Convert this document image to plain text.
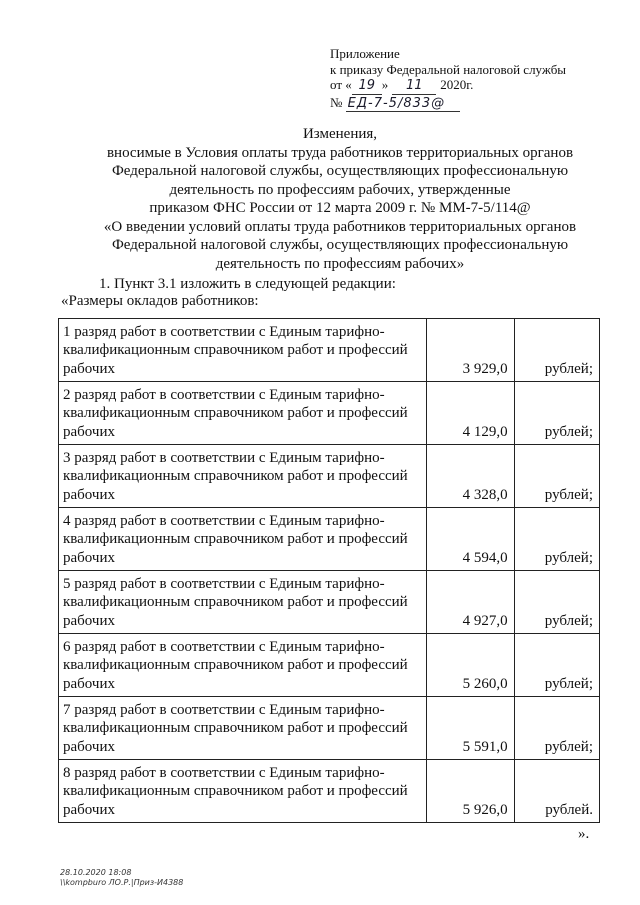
Приложение
к приказу Федеральной налоговой службы
от « 19 » 11 2020г.
№ ЕД-7-5/833@
Изменения,
вносимые в Условия оплаты труда работников территориальных органов
Федеральной налоговой службы, осуществляющих профессиональную
деятельность по профессиям рабочих, утвержденные
приказом ФНС России от 12 марта 2009 г. № ММ-7-5/114@
«О введении условий оплаты труда работников территориальных органов
Федеральной налоговой службы, осуществляющих профессиональную
деятельность по профессиям рабочих»
1. Пункт 3.1 изложить в следующей редакции:
«Размеры окладов работников:
1 разряд работ в соответствии с Единым тарифно-квалификационным справочником работ и профессий рабочих	3 929,0	рублей;
2 разряд работ в соответствии с Единым тарифно-квалификационным справочником работ и профессий рабочих	4 129,0	рублей;
3 разряд работ в соответствии с Единым тарифно-квалификационным справочником работ и профессий рабочих	4 328,0	рублей;
4 разряд работ в соответствии с Единым тарифно-квалификационным справочником работ и профессий рабочих	4 594,0	рублей;
5 разряд работ в соответствии с Единым тарифно-квалификационным справочником работ и профессий рабочих	4 927,0	рублей;
6 разряд работ в соответствии с Единым тарифно-квалификационным справочником работ и профессий рабочих	5 260,0	рублей;
7 разряд работ в соответствии с Единым тарифно-квалификационным справочником работ и профессий рабочих	5 591,0	рублей;
8 разряд работ в соответствии с Единым тарифно-квалификационным справочником работ и профессий рабочих	5 926,0	рублей.
».
28.10.2020 18:08
\\kompburo ЛО.Р.|Приз-И4388
